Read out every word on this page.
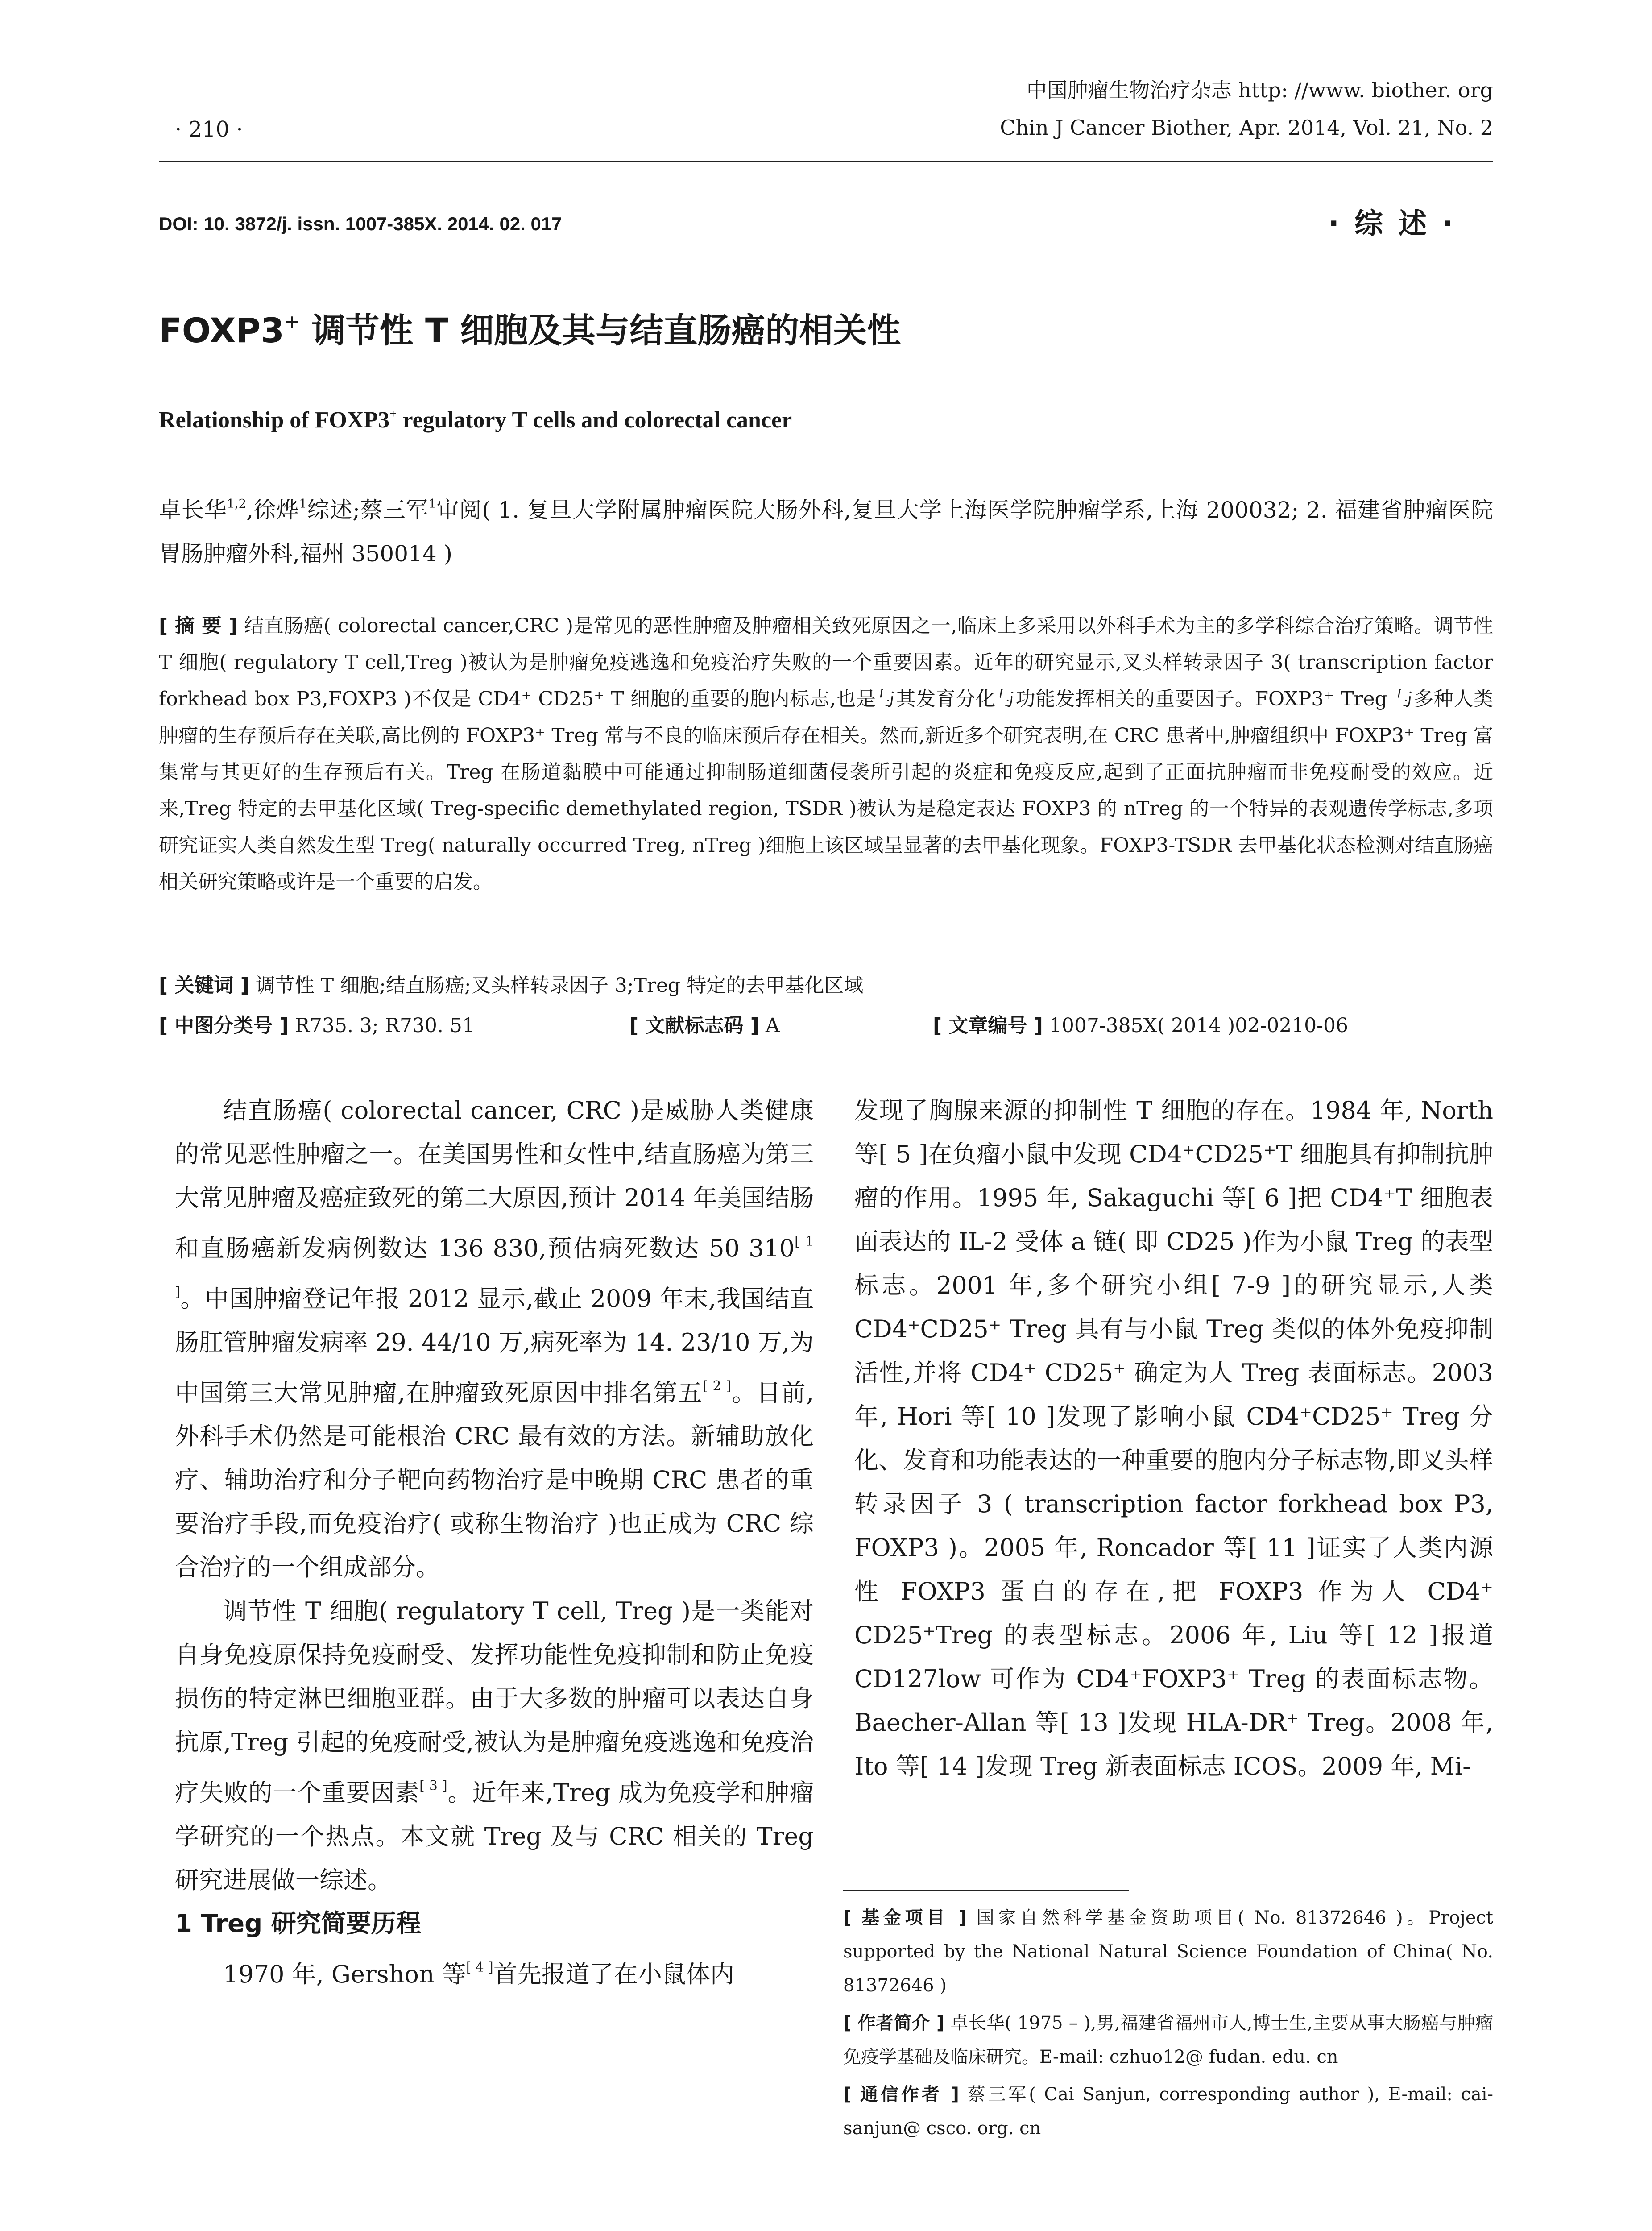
· 210 ·
中国肿瘤生物治疗杂志 http: //www. biother. org
Chin J Cancer Biother, Apr. 2014, Vol. 21, No. 2
DOI: 10. 3872/j. issn. 1007-385X. 2014. 02. 017	· 综 述 ·
FOXP3+ 调节性 T 细胞及其与结直肠癌的相关性
Relationship of FOXP3+ regulatory T cells and colorectal cancer
卓长华$^{1,2}$,徐烨$^1$综述;蔡三军$^1$审阅( 1. 复旦大学附属肿瘤医院大肠外科,复旦大学上海医学院肿瘤学系,上海 200032; 2. 福建省肿瘤医院胃肠肿瘤外科,福州 350014 )
[ 摘 要 ] 结直肠癌( colorectal cancer,CRC )是常见的恶性肿瘤及肿瘤相关致死原因之一,临床上多采用以外科手术为主的多学科综合治疗策略。调节性 T 细胞( regulatory T cell,Treg )被认为是肿瘤免疫逃逸和免疫治疗失败的一个重要因素。近年的研究显示,叉头样转录因子 3( transcription factor forkhead box P3,FOXP3 )不仅是 CD4⁺ CD25⁺ T 细胞的重要的胞内标志,也是与其发育分化与功能发挥相关的重要因子。FOXP3⁺ Treg 与多种人类肿瘤的生存预后存在关联,高比例的 FOXP3⁺ Treg 常与不良的临床预后存在相关。然而,新近多个研究表明,在 CRC 患者中,肿瘤组织中 FOXP3⁺ Treg 富集常与其更好的生存预后有关。Treg 在肠道黏膜中可能通过抑制肠道细菌侵袭所引起的炎症和免疫反应,起到了正面抗肿瘤而非免疫耐受的效应。近来,Treg 特定的去甲基化区域( Treg-specific demethylated region, TSDR )被认为是稳定表达 FOXP3 的 nTreg 的一个特异的表观遗传学标志,多项研究证实人类自然发生型 Treg( naturally occurred Treg, nTreg )细胞上该区域呈显著的去甲基化现象。FOXP3-TSDR 去甲基化状态检测对结直肠癌相关研究策略或许是一个重要的启发。
[ 关键词 ] 调节性 T 细胞;结直肠癌;叉头样转录因子 3;Treg 特定的去甲基化区域
[ 中图分类号 ] R735. 3; R730. 51	[ 文献标志码 ] A	[ 文章编号 ] 1007-385X( 2014 )02-0210-06

结直肠癌( colorectal cancer, CRC )是威胁人类健康的常见恶性肿瘤之一。在美国男性和女性中,结直肠癌为第三大常见肿瘤及癌症致死的第二大原因,预计 2014 年美国结肠和直肠癌新发病例数达 136 830,预估病死数达 50 310[ 1 ]。中国肿瘤登记年报 2012 显示,截止 2009 年末,我国结直肠肛管肿瘤发病率 29. 44/10 万,病死率为 14. 23/10 万,为中国第三大常见肿瘤,在肿瘤致死原因中排名第五[ 2 ]。目前,外科手术仍然是可能根治 CRC 最有效的方法。新辅助放化疗、辅助治疗和分子靶向药物治疗是中晚期 CRC 患者的重要治疗手段,而免疫治疗( 或称生物治疗 )也正成为 CRC 综合治疗的一个组成部分。

调节性 T 细胞( regulatory T cell, Treg )是一类能对自身免疫原保持免疫耐受、发挥功能性免疫抑制和防止免疫损伤的特定淋巴细胞亚群。由于大多数的肿瘤可以表达自身抗原,Treg 引起的免疫耐受,被认为是肿瘤免疫逃逸和免疫治疗失败的一个重要因素[ 3 ]。近年来,Treg 成为免疫学和肿瘤学研究的一个热点。本文就 Treg 及与 CRC 相关的 Treg 研究进展做一综述。

1 Treg 研究简要历程

1970 年, Gershon 等[ 4 ]首先报道了在小鼠体内

发现了胸腺来源的抑制性 T 细胞的存在。1984 年, North 等[ 5 ]在负瘤小鼠中发现 CD4⁺CD25⁺T 细胞具有抑制抗肿瘤的作用。1995 年, Sakaguchi 等[ 6 ]把 CD4⁺T 细胞表面表达的 IL-2 受体 a 链( 即 CD25 )作为小鼠 Treg 的表型标志。2001 年,多个研究小组[ 7-9 ]的研究显示,人类 CD4⁺CD25⁺ Treg 具有与小鼠 Treg 类似的体外免疫抑制活性,并将 CD4⁺ CD25⁺ 确定为人 Treg 表面标志。2003 年, Hori 等[ 10 ]发现了影响小鼠 CD4⁺CD25⁺ Treg 分化、发育和功能表达的一种重要的胞内分子标志物,即叉头样转录因子 3 ( transcription factor forkhead box P3, FOXP3 )。2005 年, Roncador 等[ 11 ]证实了人类内源性 FOXP3 蛋白的存在,把 FOXP3 作为人 CD4⁺ CD25⁺Treg 的表型标志。2006 年, Liu 等[ 12 ]报道 CD127low 可作为 CD4⁺FOXP3⁺ Treg 的表面标志物。Baecher-Allan 等[ 13 ]发现 HLA-DR⁺ Treg。2008 年, Ito 等[ 14 ]发现 Treg 新表面标志 ICOS。2009 年, Mi-

[ 基金项目 ] 国家自然科学基金资助项目( No. 81372646 )。Project supported by the National Natural Science Foundation of China( No. 81372646 )

[ 作者简介 ] 卓长华( 1975 – ),男,福建省福州市人,博士生,主要从事大肠癌与肿瘤免疫学基础及临床研究。E-mail: czhuo12@ fudan. edu. cn

[ 通信作者 ] 蔡三军( Cai Sanjun, corresponding author ), E-mail: cai-sanjun@ csco. org. cn
